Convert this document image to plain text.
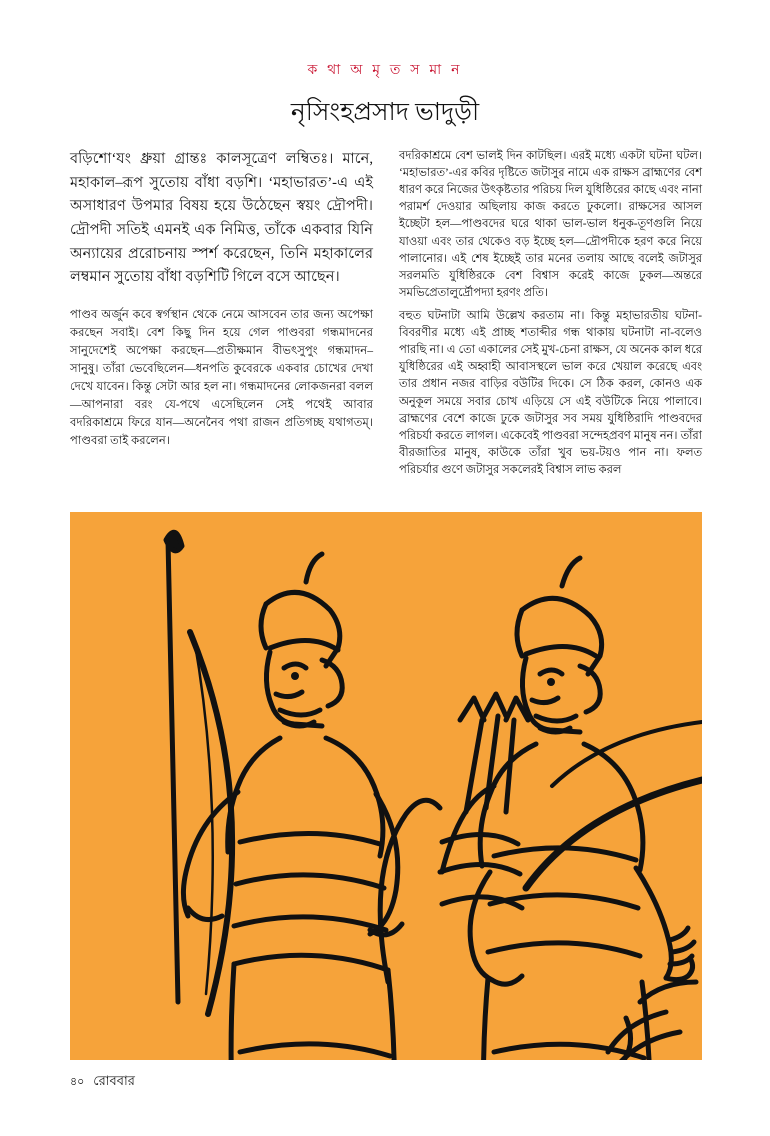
ক থা অ মৃ ত স মা ন
নৃসিংহপ্রসাদ ভাদুড়ী

বড়িশো‘যং ধ্রুয়া গ্রান্তঃ কালসূত্রেণ লম্বিতঃ। মানে, মহাকাল–রূপ সুতোয় বাঁধা বড়শি। ‘মহাভারত’-এ এই অসাধারণ উপমার বিষয় হয়ে উঠেছেন স্বয়ং দ্রৌপদী। দ্রৌপদী সতিই এমনই এক নিমিত্ত, তাঁকে একবার যিনি অন্যায়ের প্ররোচনায় স্পর্শ করেছেন, তিনি মহাকালের লম্বমান সুতোয় বাঁধা বড়শিটি গিলে বসে আছেন।

পাণ্ডব অর্জুন কবে স্বর্গস্থান থেকে নেমে আসবেন তার জন্য অপেক্ষা করছেন সবাই। বেশ কিছু দিন হয়ে গেল পাণ্ডবরা গন্ধমাদনের সানুদেশেই অপেক্ষা করছেন—প্রতীক্ষমান বীভৎসুপুং গন্ধমাদন–সানুষু। তাঁরা ভেবেছিলেন—ধনপতি কুবেরকে একবার চোখের দেখা দেখে যাবেন। কিন্তু সেটা আর হল না। গন্ধমাদনের লোকজনরা বলল—আপনারা বরং যে-পথে এসেছিলেন সেই পথেই আবার বদরিকাশ্রমে ফিরে যান—অনেনৈব পথা রাজন প্রতিগচ্ছ যথাগতম্‌। পাণ্ডবরা তাই করলেন।

বদরিকাশ্রমে বেশ ভালই দিন কাটছিল। এরই মধ্যে একটা ঘটনা ঘটল। ‘মহাভারত’-এর কবির দৃষ্টিতে জটাসুর নামে এক রাক্ষস ব্রাহ্মণের বেশ ধারণ করে নিজের উৎকৃষ্টতার পরিচয় দিল যুধিষ্ঠিরের কাছে এবং নানা পরামর্শ দেওয়ার অছিলায় কাজ করতে ঢুকলো। রাক্ষসের আসল ইচ্ছেটা হল—পাণ্ডবদের ঘরে থাকা ভাল-ভাল ধনুক-তূণগুলি নিয়ে যাওয়া এবং তার থেকেও বড় ইচ্ছে হল—দ্রৌপদীকে হরণ করে নিয়ে পালানোর। এই শেষ ইচ্ছেই তার মনের তলায় আছে বলেই জটাসুর সরলমতি যুধিষ্ঠিরকে বেশ বিশ্বাস করেই কাজে ঢুকল—অন্তরে সমভিপ্রেতালুর্দ্রৌপদ্যা হরণং প্রতি।

বহুত ঘটনাটা আমি উল্লেখ করতাম না। কিন্তু মহাভারতীয় ঘটনা-বিবরণীর মধ্যে এই প্রাচ্ছ শতাব্দীর গন্ধ থাকায় ঘটনাটা না-বলেও পারছি না। এ তো একালের সেই মুখ-চেনা রাক্ষস, যে অনেক কাল ধরে যুধিষ্ঠিরের এই অহ্বাহী আবাসস্থলে ভাল করে খেয়াল করেছে এবং তার প্রধান নজর বাড়ির বউটির দিকে। সে ঠিক করল, কোনও এক অনুকূল সময়ে সবার চোখ এড়িয়ে সে এই বউটিকে নিয়ে পালাবে। ব্রাহ্মণের বেশে কাজে ঢুকে জটাসুর সব সময় যুধিষ্ঠিরাদি পাণ্ডবদের পরিচর্যা করতে লাগল। একেবেই পাণ্ডবরা সন্দেহপ্রবণ মানুষ নন। তাঁরা বীরজাতির মানুষ, কাউকে তাঁরা খুব ভয়-টয়ও পান না। ফলত পরিচর্যার গুণে জটাসুর সকলেরই বিশ্বাস লাভ করল

৪০ রোববার
